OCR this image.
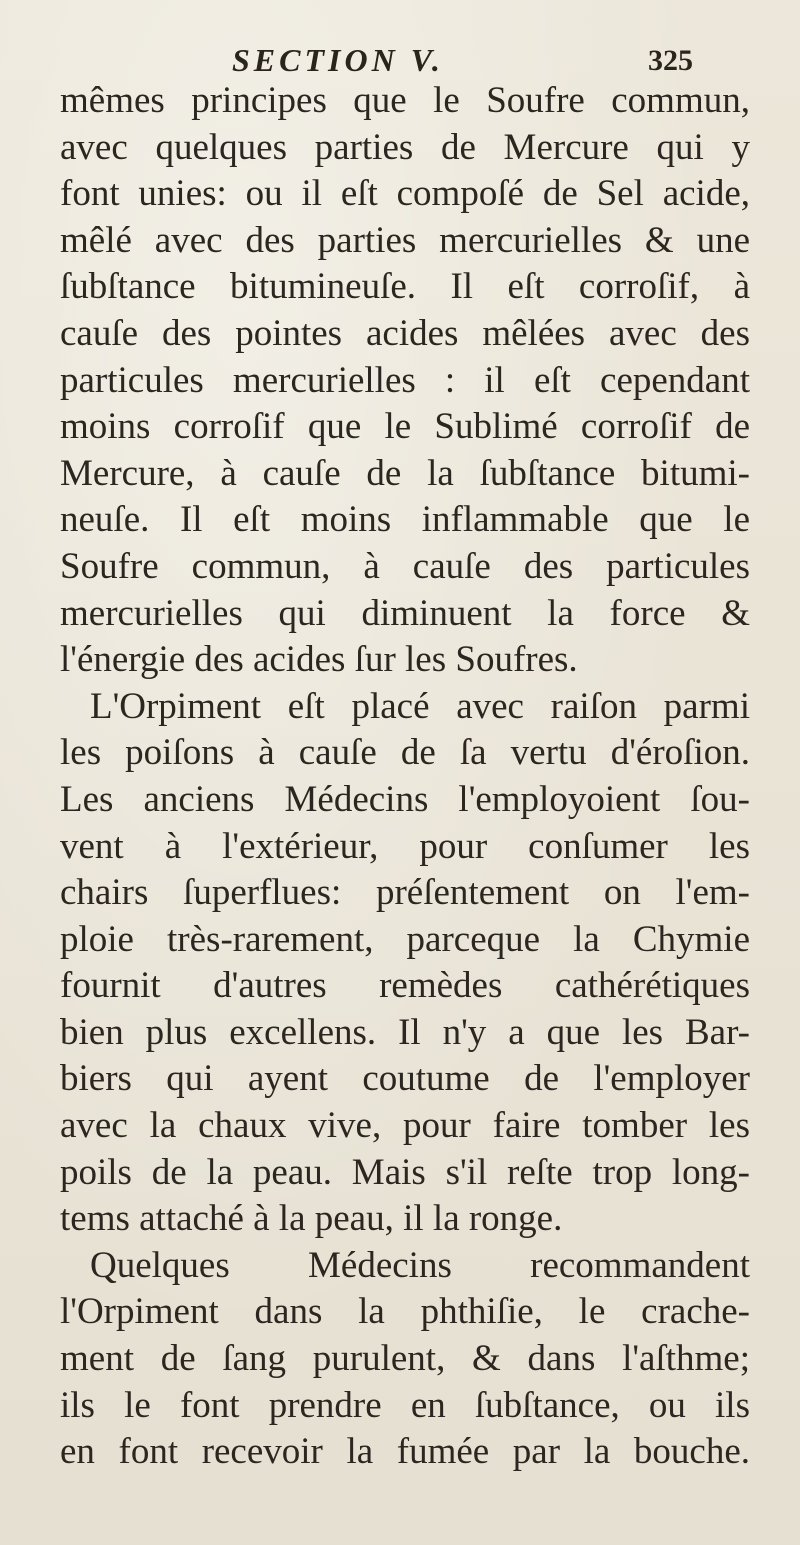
SECTION V.	325
mêmes principes que le Soufre commun,
avec quelques parties de Mercure qui y
font unies: ou il eſt compoſé de Sel acide,
mêlé avec des parties mercurielles & une
ſubſtance bitumineuſe. Il eſt corroſif, à
cauſe des pointes acides mêlées avec des
particules mercurielles : il eſt cependant
moins corroſif que le Sublimé corroſif de
Mercure, à cauſe de la ſubſtance bitumi-
neuſe. Il eſt moins inflammable que le
Soufre commun, à cauſe des particules
mercurielles qui diminuent la force &
l'énergie des acides ſur les Soufres.
L'Orpiment eſt placé avec raiſon parmi
les poiſons à cauſe de ſa vertu d'éroſion.
Les anciens Médecins l'employoient ſou-
vent à l'extérieur, pour conſumer les
chairs ſuperflues: préſentement on l'em-
ploie très-rarement, parceque la Chymie
fournit d'autres remèdes cathérétiques
bien plus excellens. Il n'y a que les Bar-
biers qui ayent coutume de l'employer
avec la chaux vive, pour faire tomber les
poils de la peau. Mais s'il reſte trop long-
tems attaché à la peau, il la ronge.
Quelques Médecins recommandent
l'Orpiment dans la phthiſie, le crache-
ment de ſang purulent, & dans l'aſthme;
ils le font prendre en ſubſtance, ou ils
en font recevoir la fumée par la bouche.
